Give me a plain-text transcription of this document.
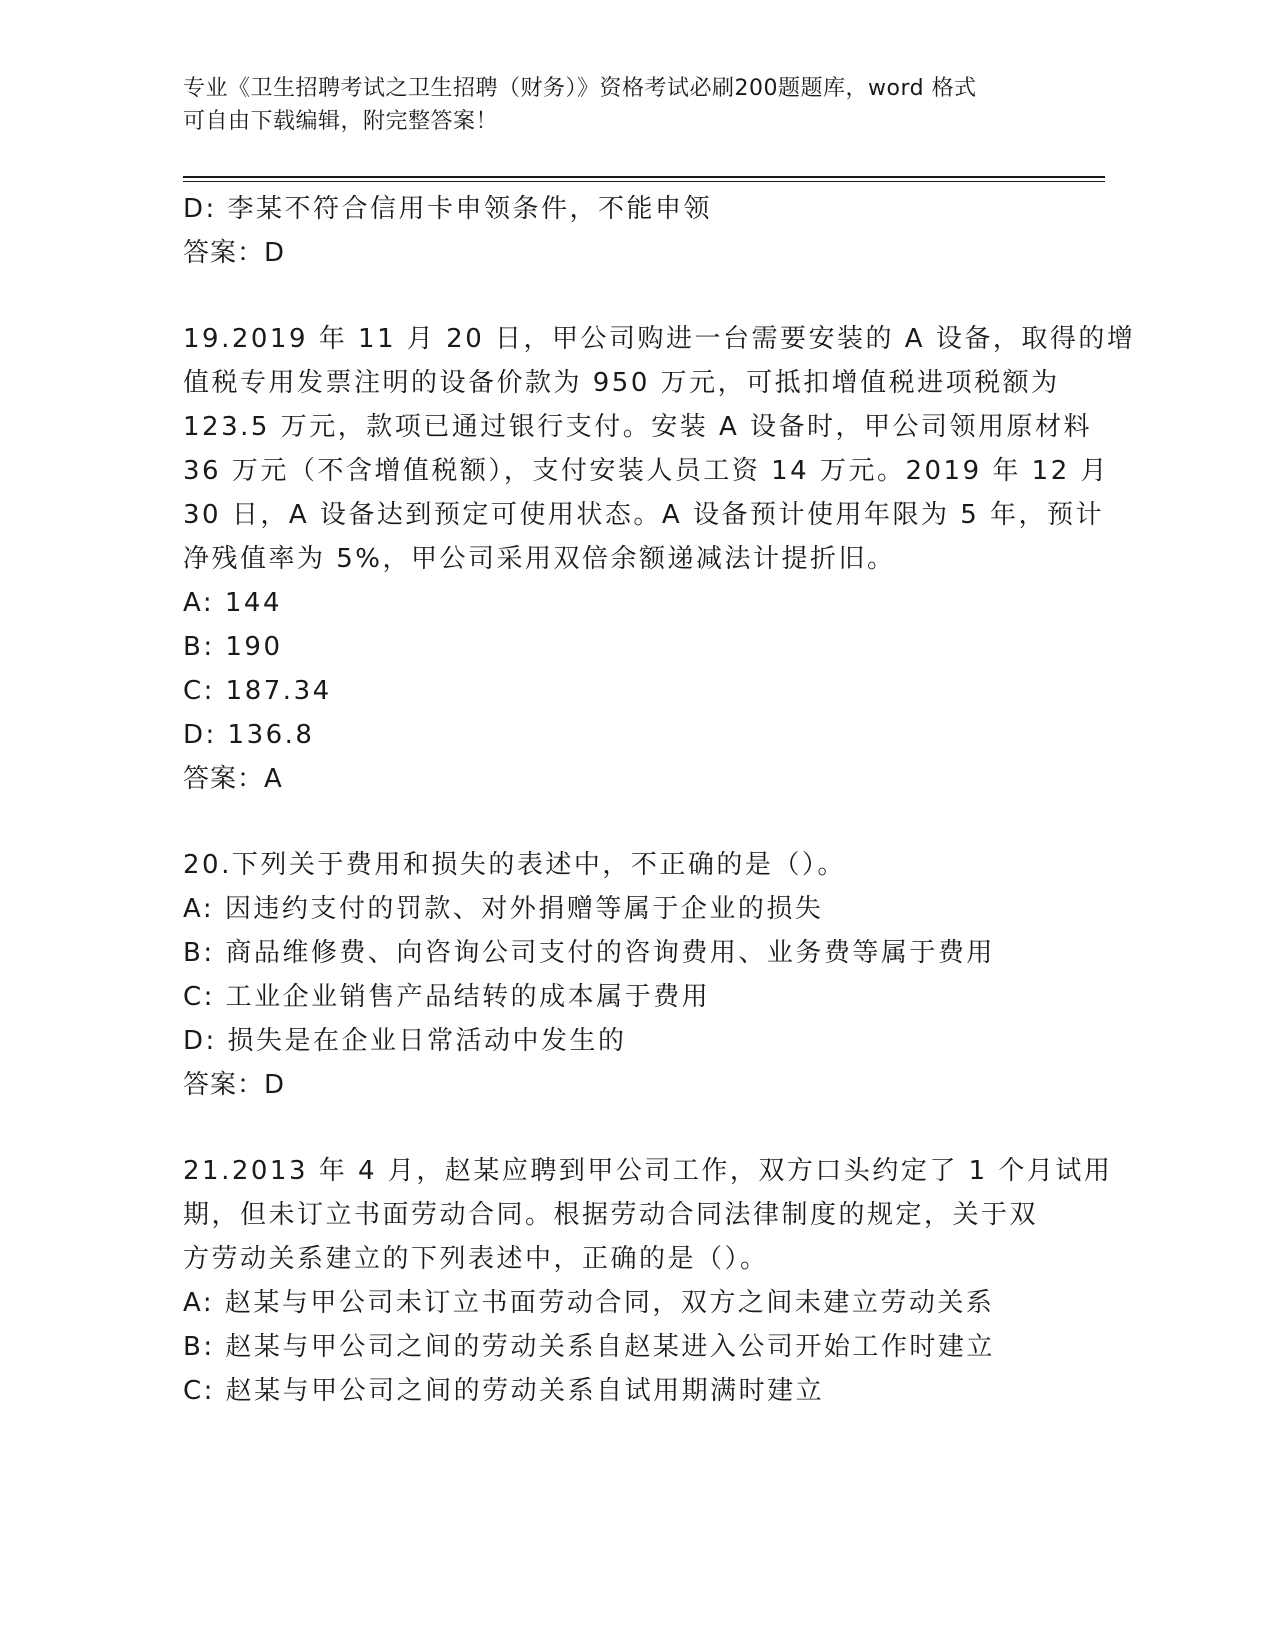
专业《卫生招聘考试之卫生招聘（财务）》资格考试必刷200题题库，word 格式
可自由下载编辑，附完整答案！
D: 李某不符合信用卡申领条件，不能申领
答案：D
19.2019 年 11 月 20 日，甲公司购进一台需要安装的 A 设备，取得的增
值税专用发票注明的设备价款为 950 万元，可抵扣增值税进项税额为
123.5 万元，款项已通过银行支付。安装 A 设备时，甲公司领用原材料
36 万元（不含增值税额），支付安装人员工资 14 万元。2019 年 12 月
30 日，A 设备达到预定可使用状态。A 设备预计使用年限为 5 年，预计
净残值率为 5%，甲公司采用双倍余额递减法计提折旧。
A: 144
B: 190
C: 187.34
D: 136.8
答案：A
20.下列关于费用和损失的表述中，不正确的是（）。
A: 因违约支付的罚款、对外捐赠等属于企业的损失
B: 商品维修费、向咨询公司支付的咨询费用、业务费等属于费用
C: 工业企业销售产品结转的成本属于费用
D: 损失是在企业日常活动中发生的
答案：D
21.2013 年 4 月，赵某应聘到甲公司工作，双方口头约定了 1 个月试用
期，但未订立书面劳动合同。根据劳动合同法律制度的规定，关于双
方劳动关系建立的下列表述中，正确的是（）。
A: 赵某与甲公司未订立书面劳动合同，双方之间未建立劳动关系
B: 赵某与甲公司之间的劳动关系自赵某进入公司开始工作时建立
C: 赵某与甲公司之间的劳动关系自试用期满时建立
